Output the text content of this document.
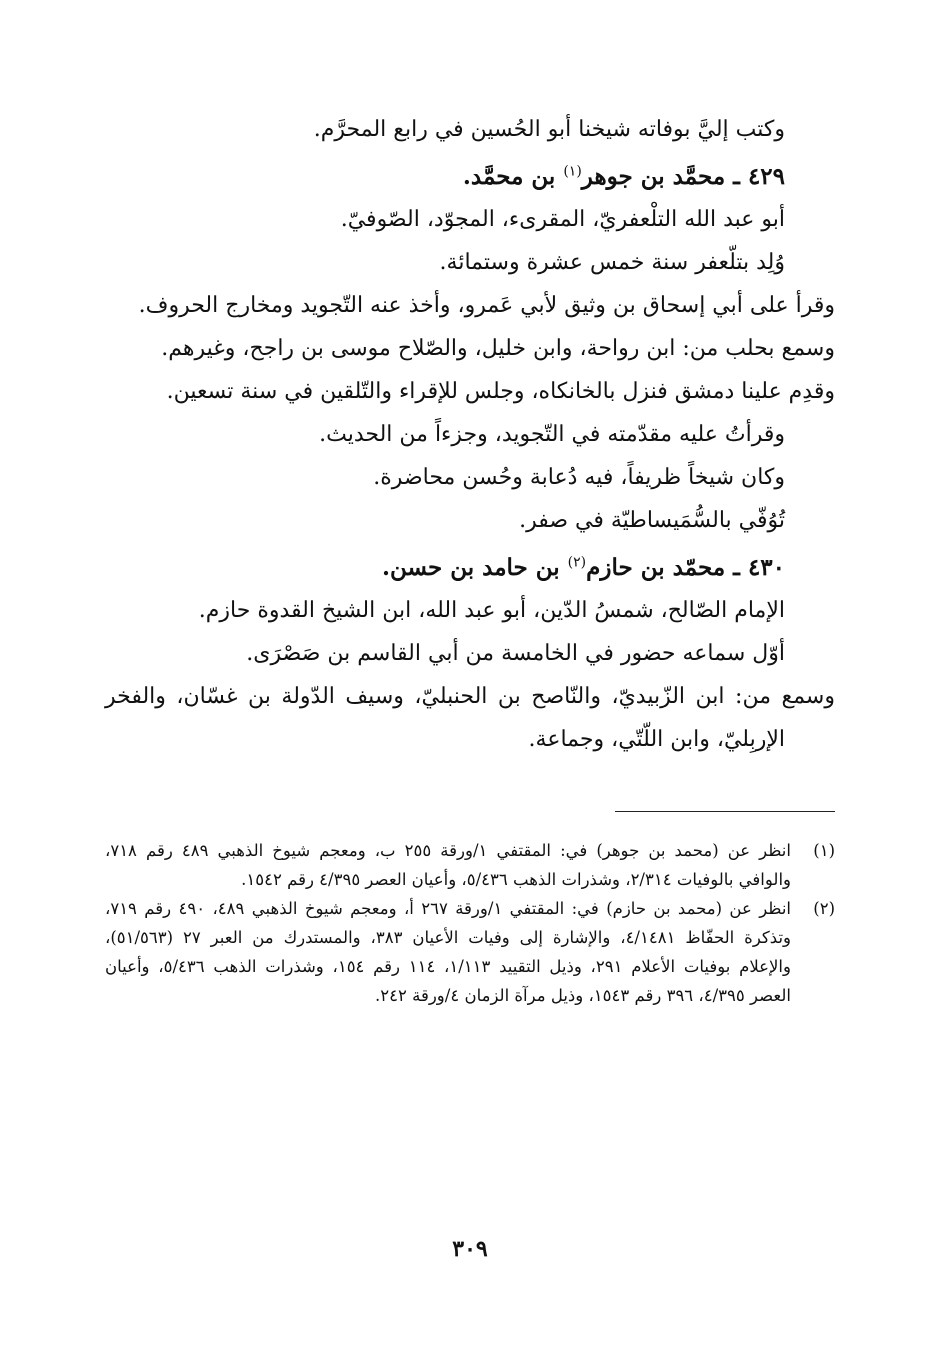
وكتب إليَّ بوفاته شيخنا أبو الحُسين في رابع المحرَّم.

٤٢٩ ـ محمَّد بن جوهر$^{(١)}$ بن محمَّد.

أبو عبد الله التلْعفريّ، المقرىء، المجوّد، الصّوفيّ.

وُلِد بتلّعفر سنة خمس عشرة وستمائة.

وقرأ على أبي إسحاق بن وثيق لأبي عَمرو، وأخذ عنه التّجويد ومخارج الحروف.

وسمع بحلب من: ابن رواحة، وابن خليل، والصّلاح موسى بن راجح، وغيرهم.

وقدِم علينا دمشق فنزل بالخانكاه، وجلس للإقراء والتّلقين في سنة تسعين.

وقرأتُ عليه مقدّمته في التّجويد، وجزءاً من الحديث.

وكان شيخاً ظريفاً، فيه دُعابة وحُسن محاضرة.

تُوُفّي بالسُّمَيساطيّة في صفر.

٤٣٠ ـ محمّد بن حازم$^{(٢)}$ بن حامد بن حسن.

الإمام الصّالح، شمسُ الدّين، أبو عبد الله، ابن الشيخ القدوة حازم.

أوّل سماعه حضور في الخامسة من أبي القاسم بن صَصْرَى.

وسمع من: ابن الزّبيديّ، والنّاصح بن الحنبليّ، وسيف الدّولة بن غسّان، والفخر الإربِليّ، وابن اللّتّي، وجماعة.

(١)
انظر عن (محمد بن جوهر) في: المقتفي ١/ورقة ٢٥٥ ب، ومعجم شيوخ الذهبي ٤٨٩ رقم ٧١٨، والوافي بالوفيات ٢/٣١٤، وشذرات الذهب ٥/٤٣٦، وأعيان العصر ٤/٣٩٥ رقم ١٥٤٢.
(٢)
انظر عن (محمد بن حازم) في: المقتفي ١/ورقة ٢٦٧ أ، ومعجم شيوخ الذهبي ٤٨٩، ٤٩٠ رقم ٧١٩، وتذكرة الحفّاظ ٤/١٤٨١، والإشارة إلى وفيات الأعيان ٣٨٣، والمستدرك من العبر ٢٧ (٥١/٥٦٣)، والإعلام بوفيات الأعلام ٢٩١، وذيل التقييد ١/١١٣، ١١٤ رقم ١٥٤، وشذرات الذهب ٥/٤٣٦، وأعيان العصر ٤/٣٩٥، ٣٩٦ رقم ١٥٤٣، وذيل مرآة الزمان ٤/ورقة ٢٤٢.
٣٠٩
